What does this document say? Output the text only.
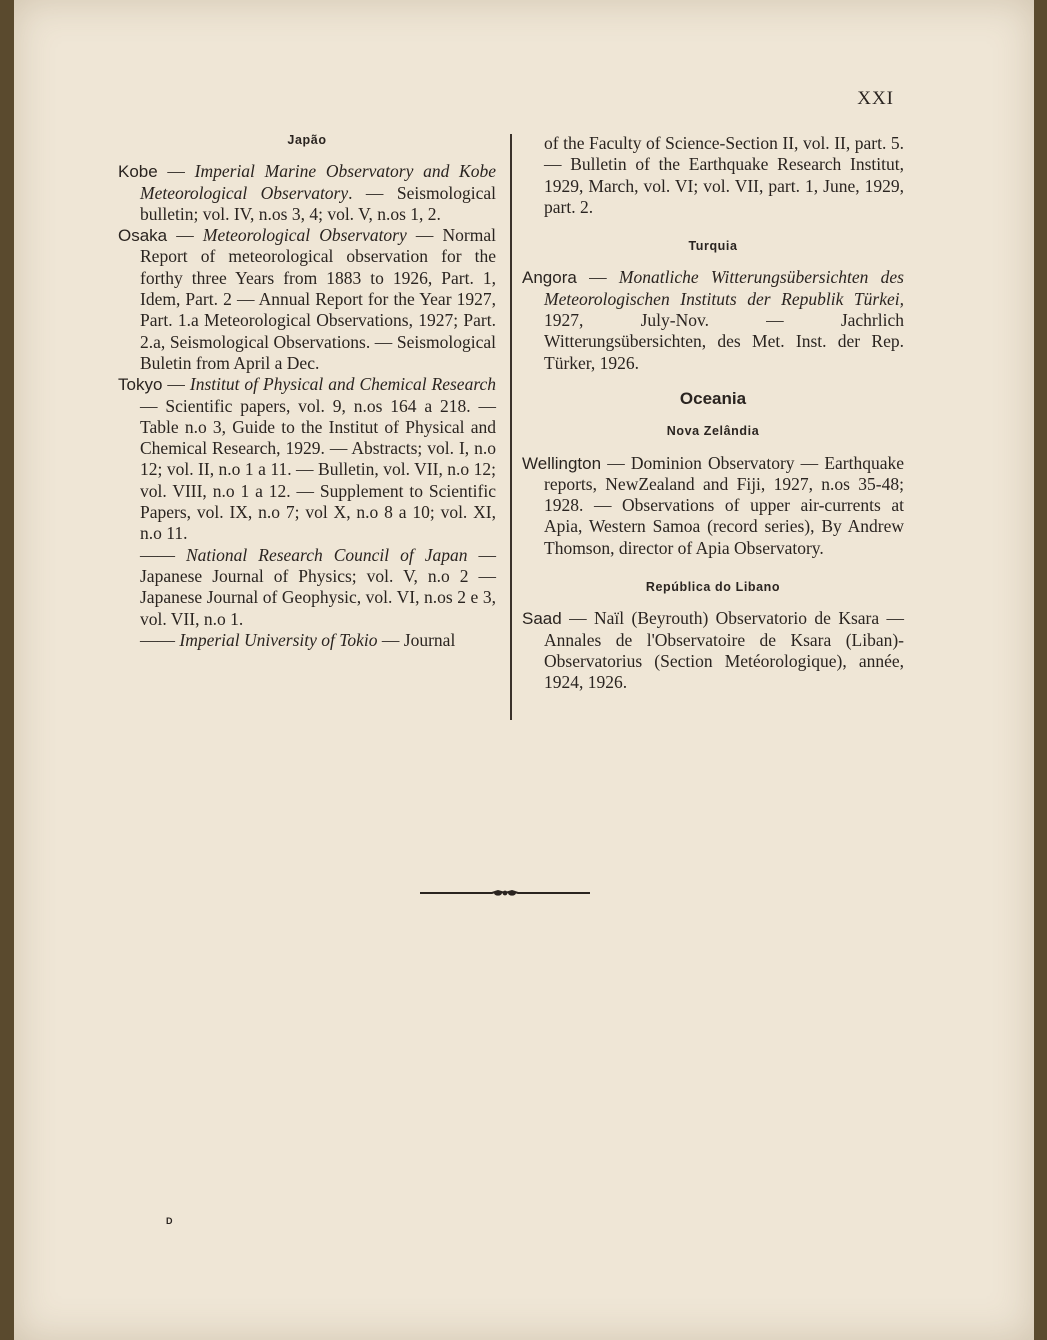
XXI
Japão

Kobe — Imperial Marine Observatory and Kobe Meteorological Observatory. — Seismological bulletin; vol. IV, n.os 3, 4; vol. V, n.os 1, 2.

Osaka — Meteorological Observatory — Normal Report of meteorological observation for the forthy three Years from 1883 to 1926, Part. 1, Idem, Part. 2 — Annual Report for the Year 1927, Part. 1.a Meteorological Observations, 1927; Part. 2.a, Seismological Observations. — Seismological Buletin from April a Dec.

Tokyo — Institut of Physical and Chemical Research — Scientific papers, vol. 9, n.os 164 a 218. — Table n.o 3, Guide to the Institut of Physical and Chemical Research, 1929. — Abstracts; vol. I, n.o 12; vol. II, n.o 1 a 11. — Bulletin, vol. VII, n.o 12; vol. VIII, n.o 1 a 12. — Supplement to Scientific Papers, vol. IX, n.o 7; vol X, n.o 8 a 10; vol. XI, n.o 11.

—— National Research Council of Japan — Japanese Journal of Physics; vol. V, n.o 2 — Japanese Journal of Geophysic, vol. VI, n.os 2 e 3, vol. VII, n.o 1.

—— Imperial University of Tokio — Journal

of the Faculty of Science-Section II, vol. II, part. 5. — Bulletin of the Earthquake Research Institut, 1929, March, vol. VI; vol. VII, part. 1, June, 1929, part. 2.

Turquia

Angora — Monatliche Witterungsübersichten des Meteorologischen Instituts der Republik Türkei, 1927, July-Nov. — Jachrlich Witterungsübersichten, des Met. Inst. der Rep. Türker, 1926.

Oceania
Nova Zelândia

Wellington — Dominion Observatory — Earthquake reports, NewZealand and Fiji, 1927, n.os 35-48; 1928. — Observations of upper air-currents at Apia, Western Samoa (record series), By Andrew Thomson, director of Apia Observatory.

República do Libano

Saad — Naïl (Beyrouth) Observatorio de Ksara — Annales de l'Observatoire de Ksara (Liban)-Observatorius (Section Metéorologique), année, 1924, 1926.

D
